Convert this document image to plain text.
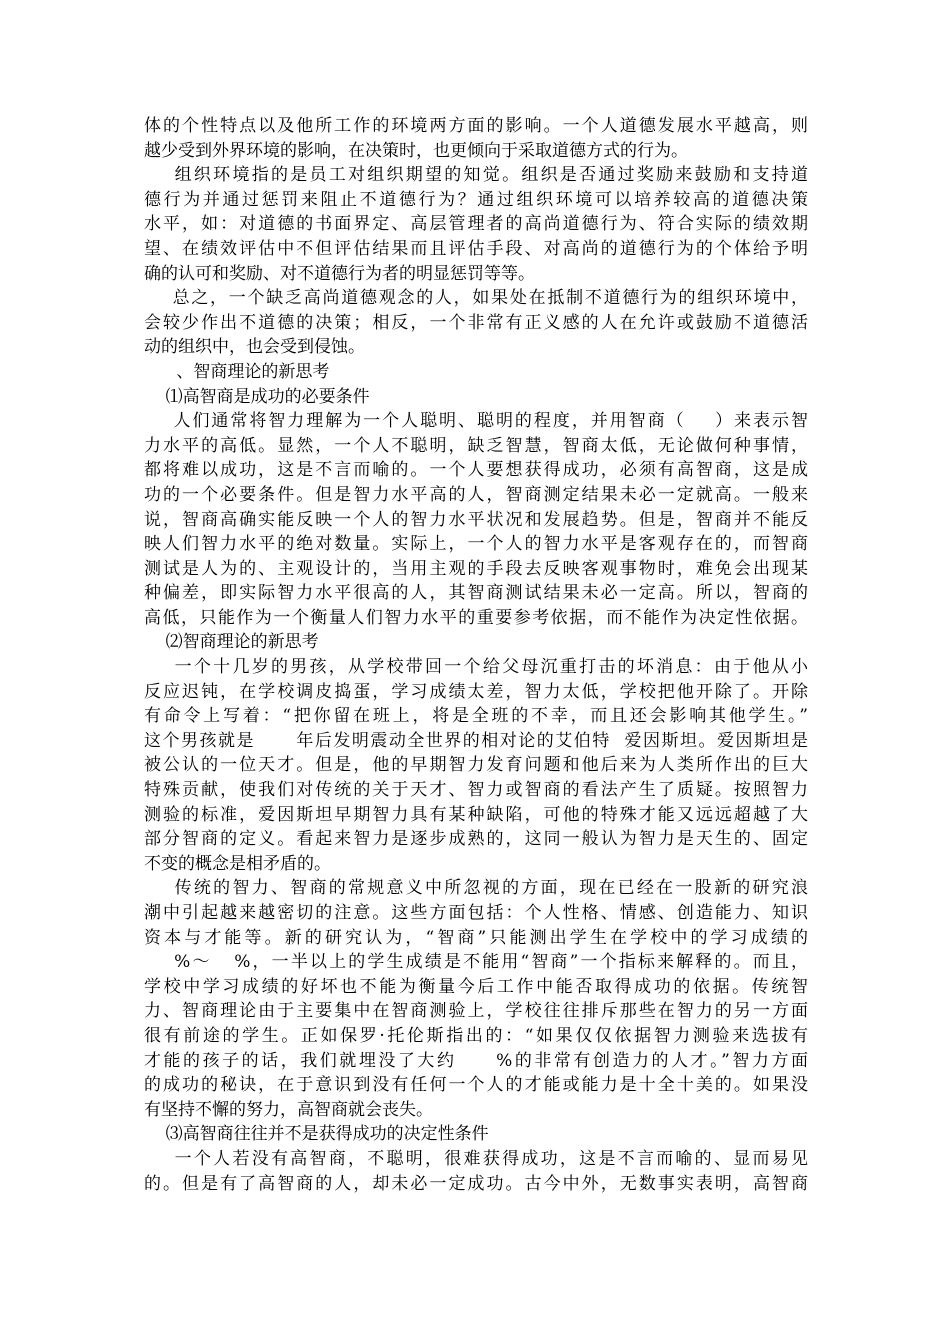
体的个性特点以及他所工作的环境两方面的影响。一个人道德发展水平越高，则
越少受到外界环境的影响，在决策时，也更倾向于采取道德方式的行为。
组织环境指的是员工对组织期望的知觉。组织是否通过奖励来鼓励和支持道
德行为并通过惩罚来阻止不道德行为？通过组织环境可以培养较高的道德决策
水平，如：对道德的书面界定、高层管理者的高尚道德行为、符合实际的绩效期
望、在绩效评估中不但评估结果而且评估手段、对高尚的道德行为的个体给予明
确的认可和奖励、对不道德行为者的明显惩罚等等。
总之，一个缺乏高尚道德观念的人，如果处在抵制不道德行为的组织环境中，
会较少作出不道德的决策；相反，一个非常有正义感的人在允许或鼓励不道德活
动的组织中，也会受到侵蚀。
、智商理论的新思考
⑴高智商是成功的必要条件
人们通常将智力理解为一个人聪明、聪明的程度，并用智商（    ）来表示智
力水平的高低。显然，一个人不聪明，缺乏智慧，智商太低，无论做何种事情，
都将难以成功，这是不言而喻的。一个人要想获得成功，必须有高智商，这是成
功的一个必要条件。但是智力水平高的人，智商测定结果未必一定就高。一般来
说，智商高确实能反映一个人的智力水平状况和发展趋势。但是，智商并不能反
映人们智力水平的绝对数量。实际上，一个人的智力水平是客观存在的，而智商
测试是人为的、主观设计的，当用主观的手段去反映客观事物时，难免会出现某
种偏差，即实际智力水平很高的人，其智商测试结果未必一定高。所以，智商的
高低，只能作为一个衡量人们智力水平的重要参考依据，而不能作为决定性依据。
⑵智商理论的新思考
一个十几岁的男孩，从学校带回一个给父母沉重打击的坏消息：由于他从小
反应迟钝，在学校调皮捣蛋，学习成绩太差，智力太低，学校把他开除了。开除
有命令上写着：“把你留在班上，将是全班的不幸，而且还会影响其他学生。”
这个男孩就是      年后发明震动全世界的相对论的艾伯特  爱因斯坦。爱因斯坦是
被公认的一位天才。但是，他的早期智力发育问题和他后来为人类所作出的巨大
特殊贡献，使我们对传统的关于天才、智力或智商的看法产生了质疑。按照智力
测验的标准，爱因斯坦早期智力具有某种缺陷，可他的特殊才能又远远超越了大
部分智商的定义。看起来智力是逐步成熟的，这同一般认为智力是天生的、固定
不变的概念是相矛盾的。
传统的智力、智商的常规意义中所忽视的方面，现在已经在一股新的研究浪
潮中引起越来越密切的注意。这些方面包括：个人性格、情感、创造能力、知识
资本与才能等。新的研究认为，“智商”只能测出学生在学校中的学习成绩的
%～   %，一半以上的学生成绩是不能用“智商”一个指标来解释的。而且，
学校中学习成绩的好坏也不能为衡量今后工作中能否取得成功的依据。传统智
力、智商理论由于主要集中在智商测验上，学校往往排斥那些在智力的另一方面
很有前途的学生。正如保罗·托伦斯指出的：“如果仅仅依据智力测验来选拔有
才能的孩子的话，我们就埋没了大约     %的非常有创造力的人才。”智力方面
的成功的秘诀，在于意识到没有任何一个人的才能或能力是十全十美的。如果没
有坚持不懈的努力，高智商就会丧失。
⑶高智商往往并不是获得成功的决定性条件
一个人若没有高智商，不聪明，很难获得成功，这是不言而喻的、显而易见
的。但是有了高智商的人，却未必一定成功。古今中外，无数事实表明，高智商
